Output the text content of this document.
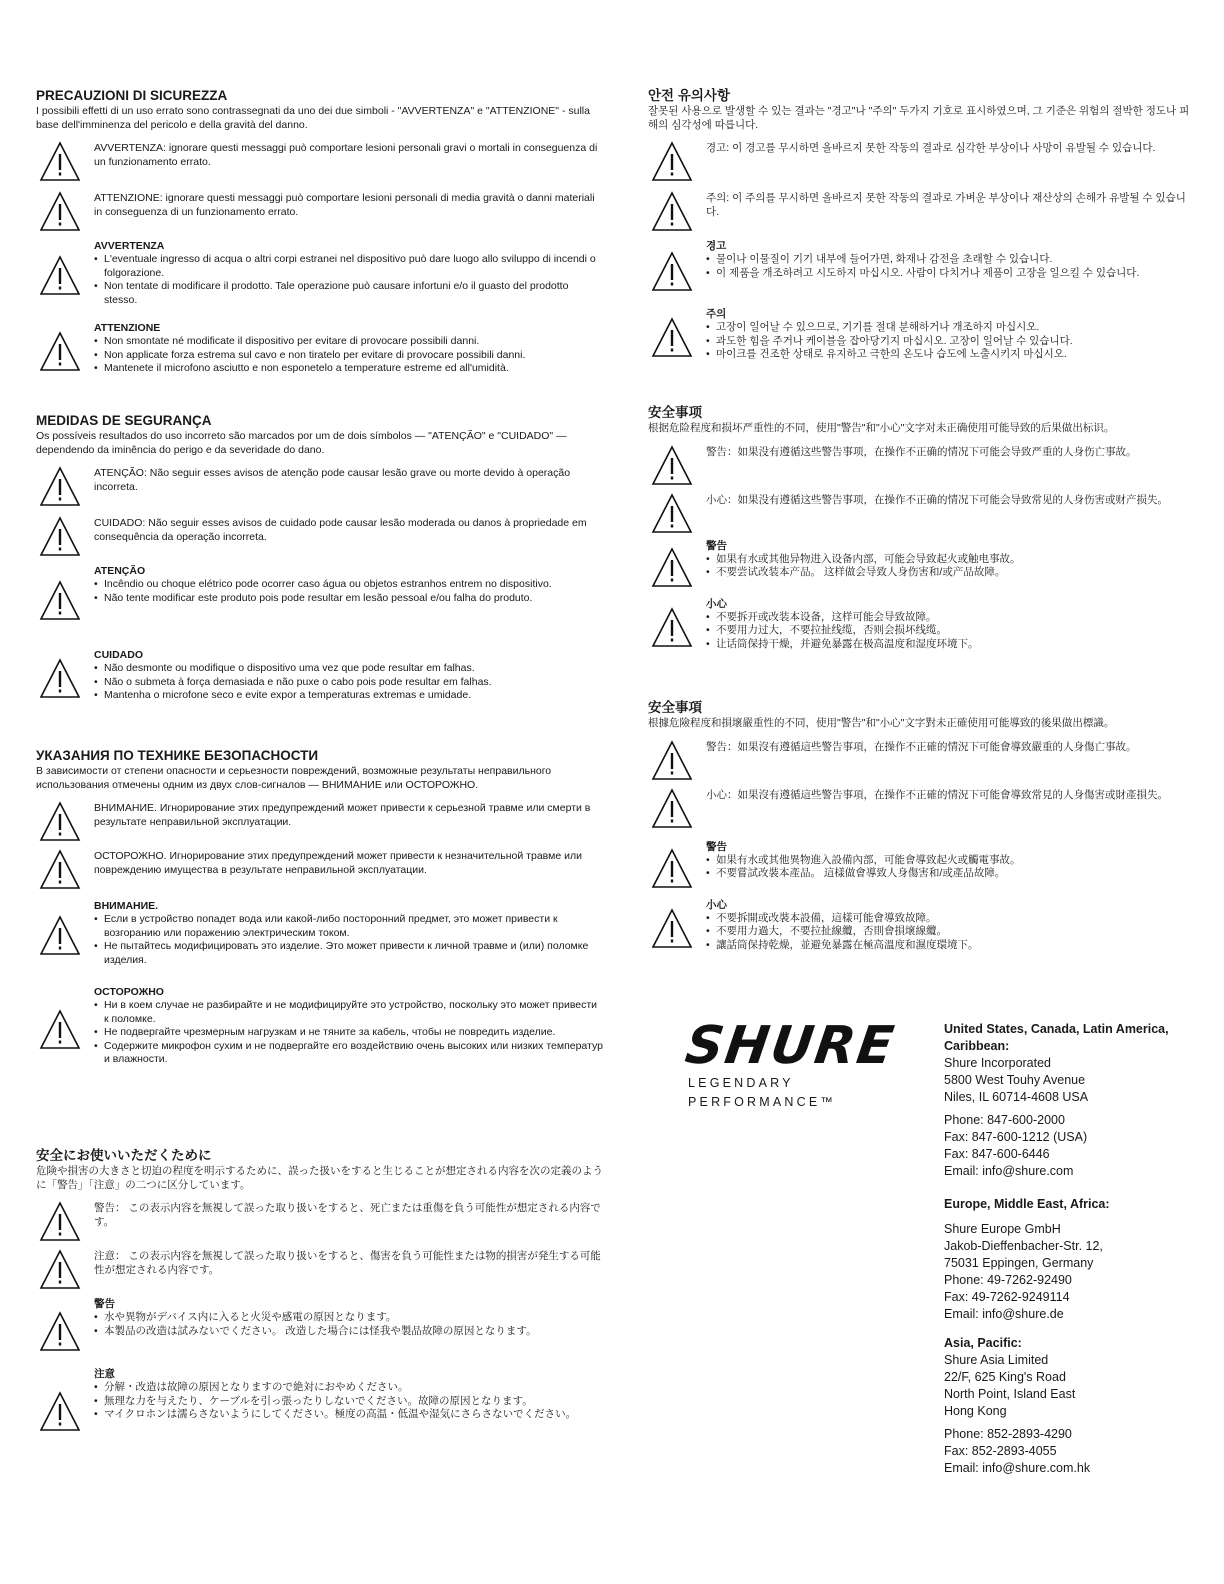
PRECAUZIONI DI SICUREZZA
I possibili effetti di un uso errato sono contrassegnati da uno dei due simboli - "AVVERTENZA" e "ATTENZIONE" - sulla base dell'imminenza del pericolo e della gravità del danno.
AVVERTENZA: ignorare questi messaggi può comportare lesioni personali gravi o mortali in conseguenza di un funzionamento errato.
ATTENZIONE: ignorare questi messaggi può comportare lesioni personali di media gravità o danni materiali in conseguenza di un funzionamento errato.
AVVERTENZA
• L'eventuale ingresso di acqua o altri corpi estranei nel dispositivo può dare luogo allo sviluppo di incendi o folgorazione.
• Non tentate di modificare il prodotto. Tale operazione può causare infortuni e/o il guasto del prodotto stesso.
ATTENZIONE
• Non smontate né modificate il dispositivo per evitare di provocare possibili danni.
• Non applicate forza estrema sul cavo e non tiratelo per evitare di provocare possibili danni.
• Mantenete il microfono asciutto e non esponetelo a temperature estreme ed all'umidità.
MEDIDAS DE SEGURANÇA
Os possíveis resultados do uso incorreto são marcados por um de dois símbolos — "ATENÇÃO" e "CUIDADO" — dependendo da iminência do perigo e da severidade do dano.
ATENÇÃO: Não seguir esses avisos de atenção pode causar lesão grave ou morte devido à operação incorreta.
CUIDADO: Não seguir esses avisos de cuidado pode causar lesão moderada ou danos à propriedade em consequência da operação incorreta.
ATENÇÃO
• Incêndio ou choque elétrico pode ocorrer caso água ou objetos estranhos entrem no dispositivo.
• Não tente modificar este produto pois pode resultar em lesão pessoal e/ou falha do produto.
CUIDADO
• Não desmonte ou modifique o dispositivo uma vez que pode resultar em falhas.
• Não o submeta à força demasiada e não puxe o cabo pois pode resultar em falhas.
• Mantenha o microfone seco e evite expor a temperaturas extremas e umidade.
УКАЗАНИЯ ПО ТЕХНИКЕ БЕЗОПАСНОСТИ
В зависимости от степени опасности и серьезности повреждений, возможные результаты неправильного использования отмечены одним из двух слов-сигналов — ВНИМАНИЕ или ОСТОРОЖНО.
ВНИМАНИЕ. Игнорирование этих предупреждений может привести к серьезной травме или смерти в результате неправильной эксплуатации.
ОСТОРОЖНО. Игнорирование этих предупреждений может привести к незначительной травме или повреждению имущества в результате неправильной эксплуатации.
ВНИМАНИЕ.
• Если в устройство попадет вода или какой-либо посторонний предмет, это может привести к возгоранию или поражению электрическим током.
• Не пытайтесь модифицировать это изделие. Это может привести к личной травме и (или) поломке изделия.
ОСТОРОЖНО
• Ни в коем случае не разбирайте и не модифицируйте это устройство, поскольку это может привести к поломке.
• Не подвергайте чрезмерным нагрузкам и не тяните за кабель, чтобы не повредить изделие.
• Содержите микрофон сухим и не подвергайте его воздействию очень высоких или низких температур и влажности.
安全にお使いいただくために
危険や損害の大きさと切迫の程度を明示するために、誤った扱いをすると生じることが想定される内容を次の定義のように「警告」「注意」の二つに区分しています。
警告： この表示内容を無視して誤った取り扱いをすると、死亡または重傷を負う可能性が想定される内容です。
注意： この表示内容を無視して誤った取り扱いをすると、傷害を負う可能性または物的損害が発生する可能性が想定される内容です。
警告
• 水や異物がデバイス内に入ると火災や感電の原因となります。
• 本製品の改造は試みないでください。 改造した場合には怪我や製品故障の原因となります。
注意
• 分解・改造は故障の原因となりますので絶対におやめください。
• 無理な力を与えたり、ケーブルを引っ張ったりしないでください。故障の原因となります。
• マイクロホンは濡らさないようにしてください。極度の高温・低温や湿気にさらさないでください。
안전 유의사항
잘못된 사용으로 발생할 수 있는 결과는 "경고"나 "주의" 두가지 기호로 표시하였으며, 그 기준은 위험의 절박한 정도나 피해의 심각성에 따릅니다.
경고: 이 경고를 무시하면 올바르지 못한 작동의 결과로 심각한 부상이나 사망이 유발될 수 있습니다.
주의: 이 주의를 무시하면 올바르지 못한 작동의 결과로 가벼운 부상이나 재산상의 손해가 유발될 수 있습니다.
경고
• 물이나 이물질이 기기 내부에 들어가면, 화재나 감전을 초래할 수 있습니다.
• 이 제품을 개조하려고 시도하지 마십시오. 사람이 다치거나 제품이 고장을 일으킬 수 있습니다.
주의
• 고장이 일어날 수 있으므로, 기기를 절대 분해하거나 개조하지 마십시오.
• 과도한 힘을 주거나 케이블을 잡아당기지 마십시오. 고장이 일어날 수 있습니다.
• 마이크를 건조한 상태로 유지하고 극한의 온도나 습도에 노출시키지 마십시오.
安全事项
根据危险程度和损坏严重性的不同，使用"警告"和"小心"文字对未正确使用可能导致的后果做出标识。
警告：如果没有遵循这些警告事项，在操作不正确的情况下可能会导致严重的人身伤亡事故。
小心：如果没有遵循这些警告事项，在操作不正确的情况下可能会导致常见的人身伤害或财产损失。
警告
• 如果有水或其他异物进入设备内部，可能会导致起火或触电事故。
• 不要尝试改装本产品。 这样做会导致人身伤害和/或产品故障。
小心
• 不要拆开或改装本设备，这样可能会导致故障。
• 不要用力过大，不要拉扯线缆，否则会损坏线缆。
• 让话筒保持干燥，并避免暴露在极高温度和湿度环境下。
安全事項
根據危險程度和損壞嚴重性的不同，使用"警告"和"小心"文字對未正確使用可能導致的後果做出標識。
警告：如果沒有遵循這些警告事項，在操作不正確的情況下可能會導致嚴重的人身傷亡事故。
小心：如果沒有遵循這些警告事項，在操作不正確的情況下可能會導致常見的人身傷害或財產損失。
警告
• 如果有水或其他異物進入設備內部，可能會導致起火或觸電事故。
• 不要嘗試改裝本產品。 這樣做會導致人身傷害和/或產品故障。
小心
• 不要拆開或改裝本設備，這樣可能會導致故障。
• 不要用力過大，不要拉扯線纜，否則會損壞線纜。
• 讓話筒保持乾燥，並避免暴露在極高溫度和濕度環境下。
SHURE
LEGENDARY
PERFORMANCE™
United States, Canada, Latin America, Caribbean:
Shure Incorporated
5800 West Touhy Avenue
Niles, IL 60714-4608 USA
Phone: 847-600-2000
Fax: 847-600-1212 (USA)
Fax: 847-600-6446
Email: info@shure.com
Europe, Middle East, Africa:
Shure Europe GmbH
Jakob-Dieffenbacher-Str. 12,
75031 Eppingen, Germany
Phone: 49-7262-92490
Fax: 49-7262-9249114
Email: info@shure.de
Asia, Pacific:
Shure Asia Limited
22/F, 625 King's Road
North Point, Island East
Hong Kong
Phone: 852-2893-4290
Fax: 852-2893-4055
Email: info@shure.com.hk
